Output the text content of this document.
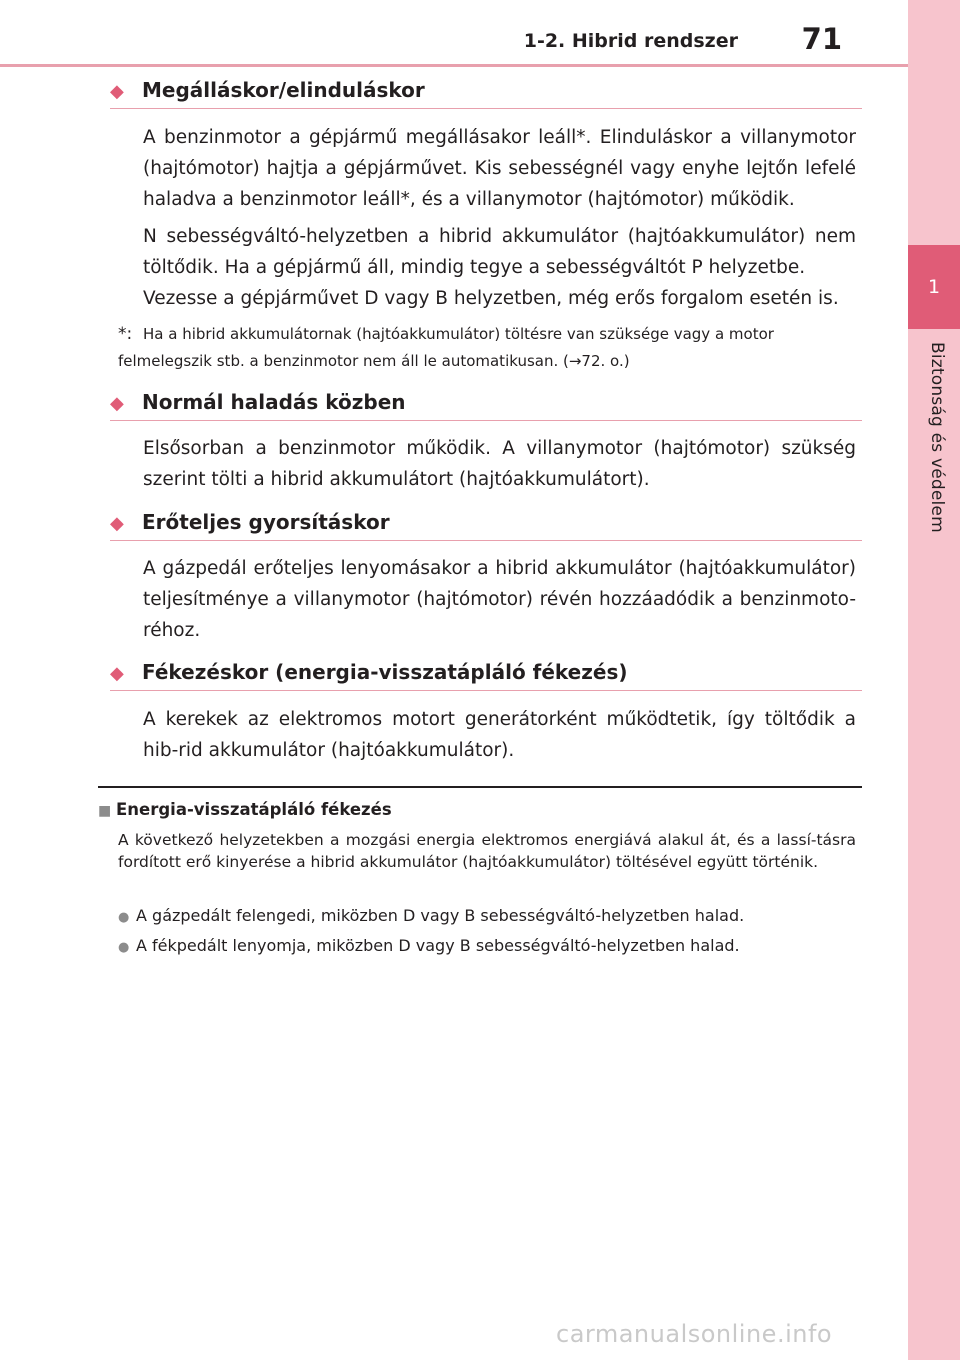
1
Biztonság és védelem
1-2. Hibrid rendszer 71
◆ Megálláskor/elinduláskor

A benzinmotor a gépjármű megállásakor leáll*. Elinduláskor a villanymotor (hajtómotor) hajtja a gépjárművet. Kis sebességnél vagy enyhe lejtőn lefelé haladva a benzinmotor leáll*, és a villanymotor (hajtómotor) működik.

N sebességváltó-helyzetben a hibrid akkumulátor (hajtóakkumulátor) nem töltődik. Ha a gépjármű áll, mindig tegye a sebességváltót P helyzetbe.

Vezesse a gépjárművet D vagy B helyzetben, még erős forgalom esetén is.

*: Ha a hibrid akkumulátornak (hajtóakkumulátor) töltésre van szüksége vagy a motor felmelegszik stb. a benzinmotor nem áll le automatikusan. (→72. o.)

◆ Normál haladás közben

Elsősorban a benzinmotor működik. A villanymotor (hajtómotor) szükség szerint tölti a hibrid akkumulátort (hajtóakkumulátort).

◆ Erőteljes gyorsításkor

A gázpedál erőteljes lenyomásakor a hibrid akkumulátor (hajtóakkumulátor) teljesítménye a villanymotor (hajtómotor) révén hozzáadódik a benzinmoto-réhoz.

◆ Fékezéskor (energia-visszatápláló fékezés)

A kerekek az elektromos motort generátorként működtetik, így töltődik a hib-rid akkumulátor (hajtóakkumulátor).

■ Energia-visszatápláló fékezés

A következő helyzetekben a mozgási energia elektromos energiává alakul át, és a lassí-tásra fordított erő kinyerése a hibrid akkumulátor (hajtóakkumulátor) töltésével együtt történik.

● A gázpedált felengedi, miközben D vagy B sebességváltó-helyzetben halad.
● A fékpedált lenyomja, miközben D vagy B sebességváltó-helyzetben halad.
carmanualsonline.info
